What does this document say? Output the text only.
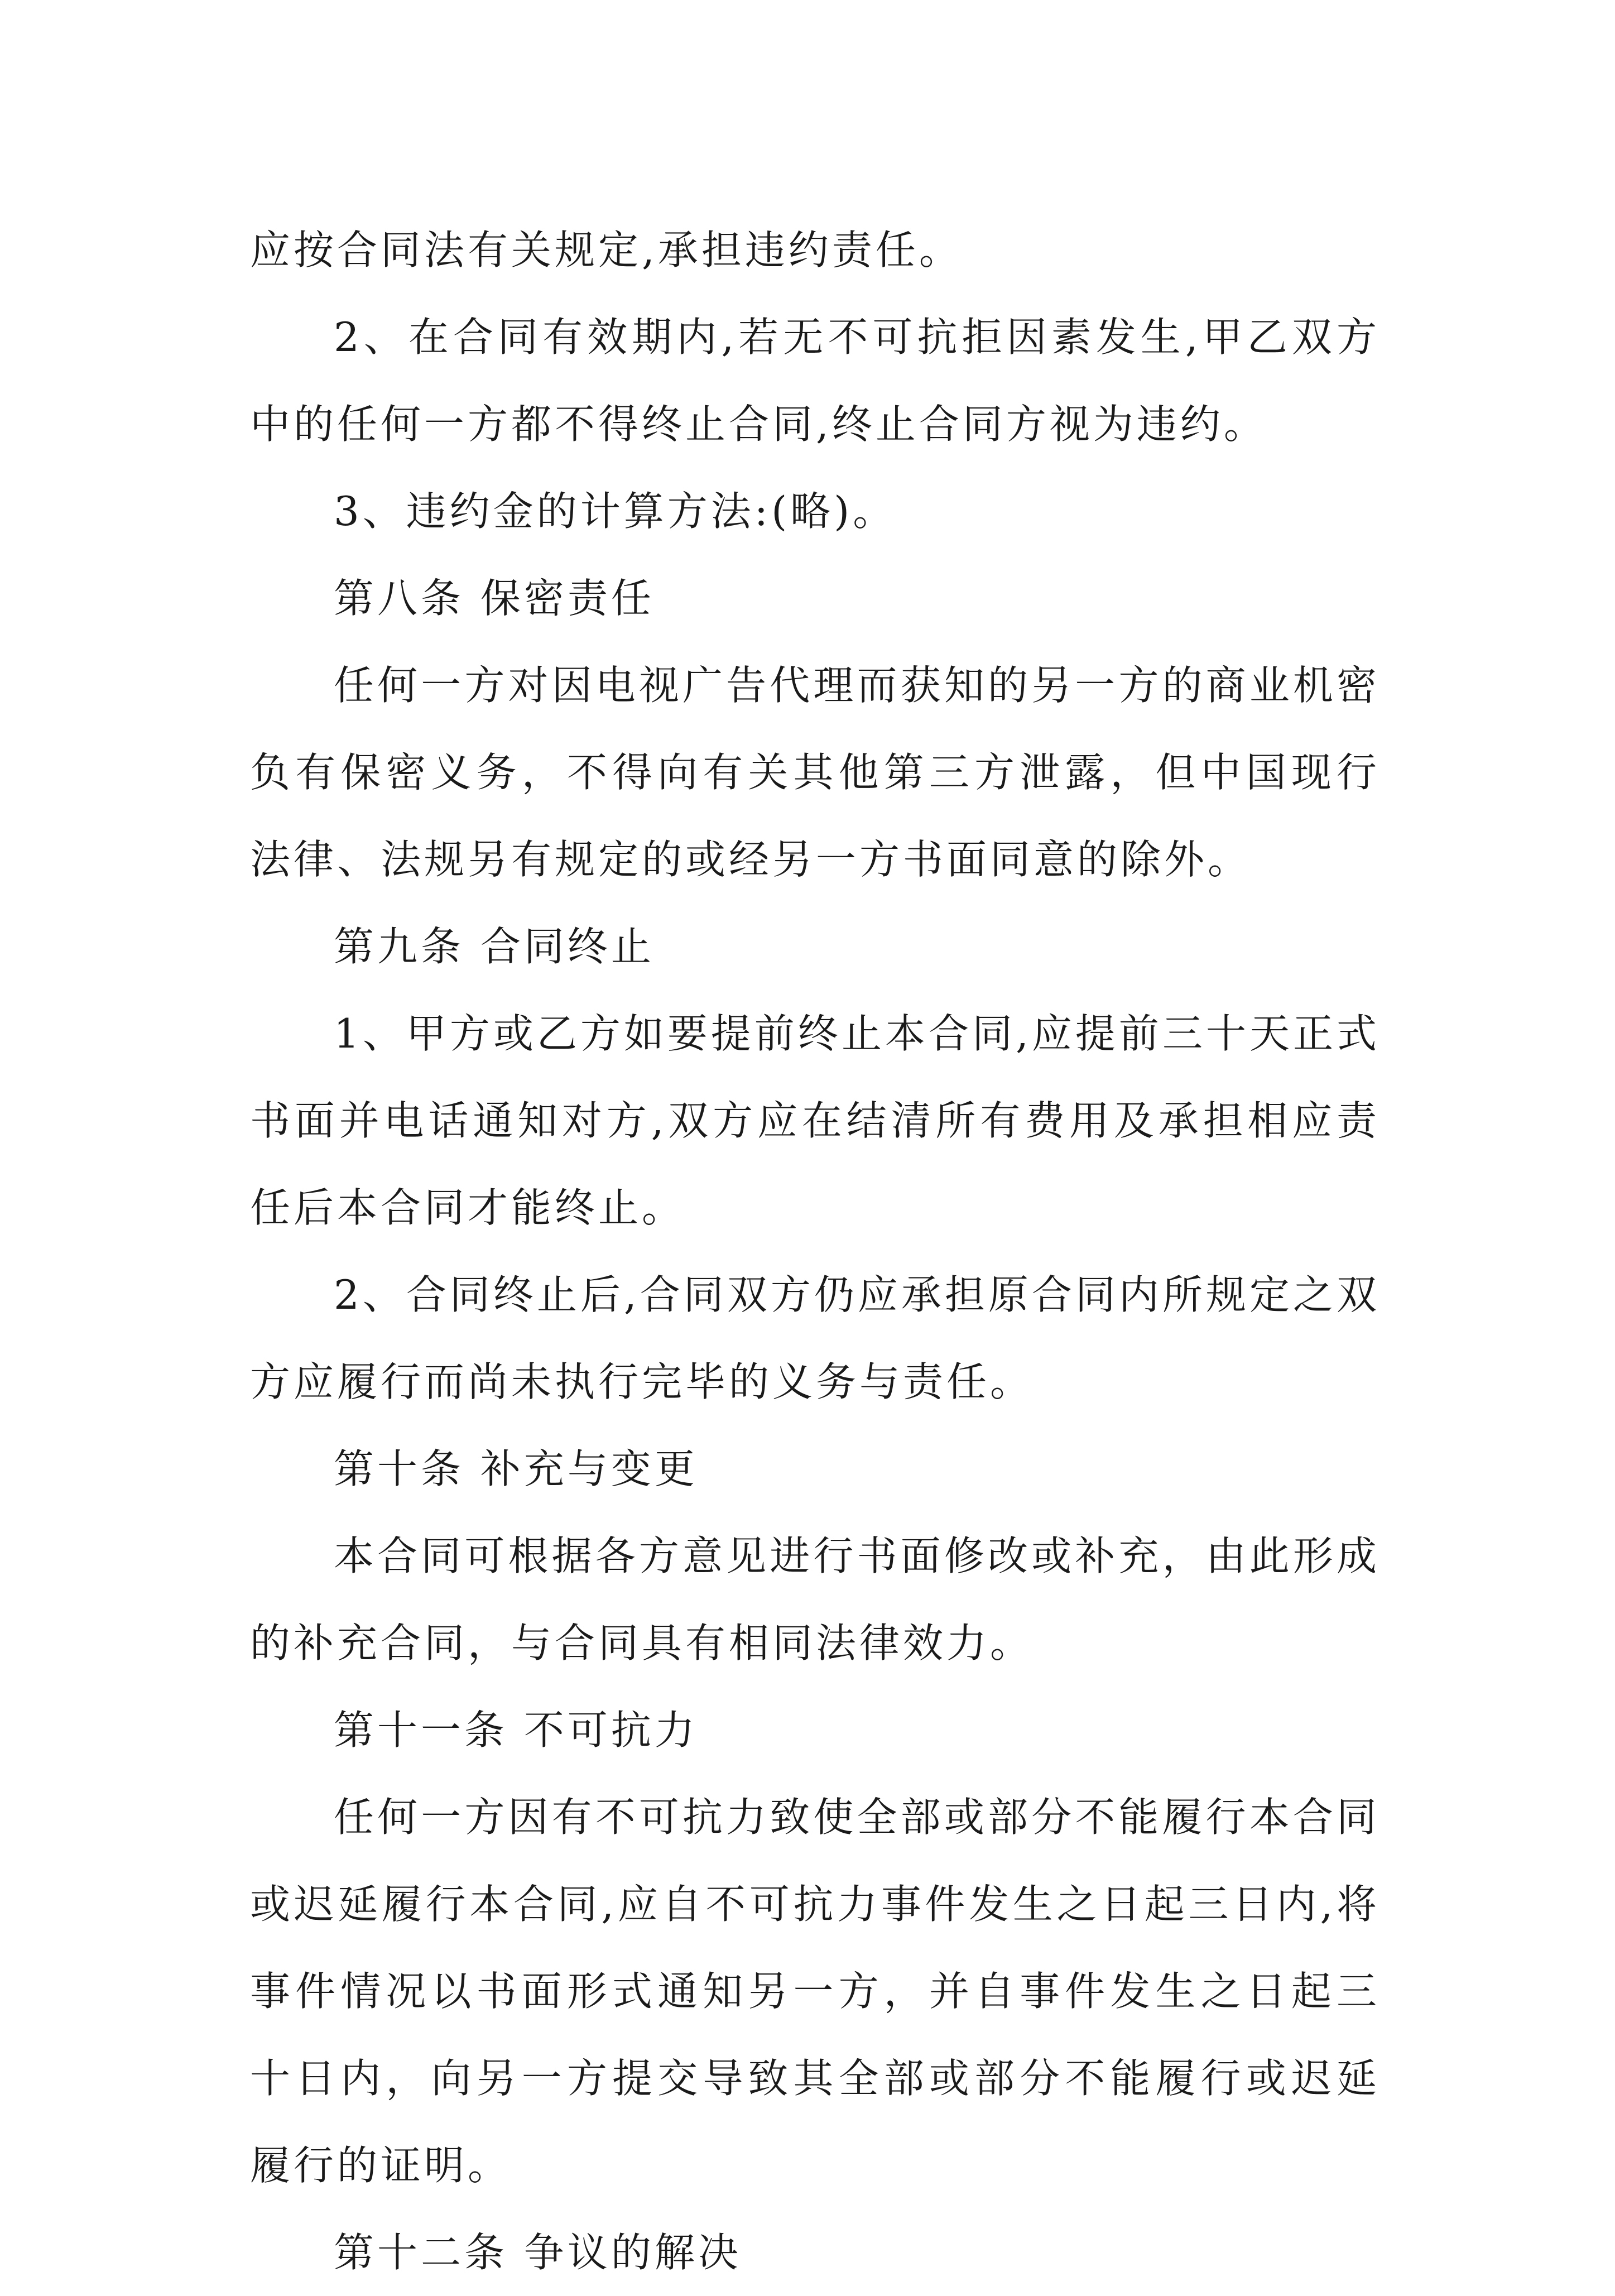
应按合同法有关规定,承担违约责任。

2、在合同有效期内,若无不可抗拒因素发生,甲乙双方中的任何一方都不得终止合同,终止合同方视为违约。

3、违约金的计算方法:(略)。

第八条 保密责任

任何一方对因电视广告代理而获知的另一方的商业机密负有保密义务，不得向有关其他第三方泄露，但中国现行法律、法规另有规定的或经另一方书面同意的除外。

第九条 合同终止

1、甲方或乙方如要提前终止本合同,应提前三十天正式书面并电话通知对方,双方应在结清所有费用及承担相应责任后本合同才能终止。

2、合同终止后,合同双方仍应承担原合同内所规定之双方应履行而尚未执行完毕的义务与责任。

第十条 补充与变更

本合同可根据各方意见进行书面修改或补充，由此形成的补充合同，与合同具有相同法律效力。

第十一条 不可抗力

任何一方因有不可抗力致使全部或部分不能履行本合同或迟延履行本合同,应自不可抗力事件发生之日起三日内,将事件情况以书面形式通知另一方，并自事件发生之日起三十日内，向另一方提交导致其全部或部分不能履行或迟延履行的证明。

第十二条 争议的解决
